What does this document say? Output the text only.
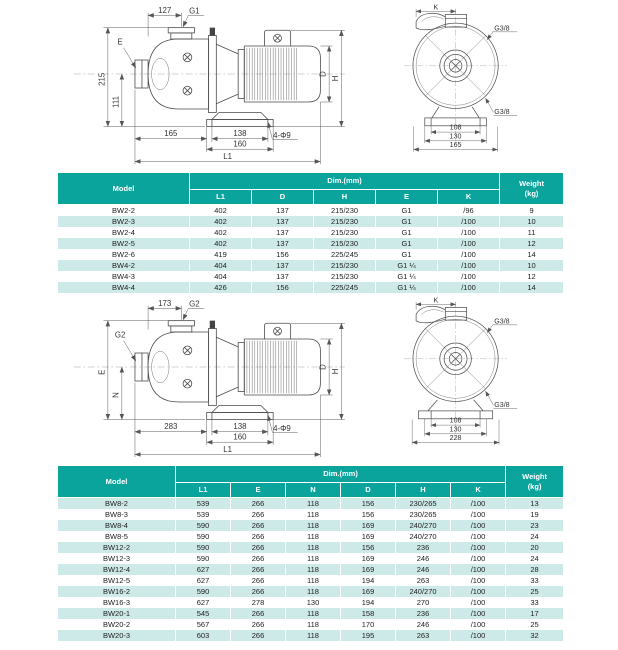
127 G1
E
215
111
165	138	4-Φ9
160
L1
D
H
K
G3/8
G3/8
108
130
165
Model	Dim.(mm)					Weight
(kg)

	L1	D	H	E	K	
BW2-2	402	137	215/230	G1	/96	9
BW2-3	402	137	215/230	G1	/100	10
BW2-4	402	137	215/230	G1	/100	11
BW2-5	402	137	215/230	G1	/100	12
BW2-6	419	156	225/245	G1	/100	14
BW4-2	404	137	215/230	G1 ¼	/100	10
BW4-3	404	137	215/230	G1 ¼	/100	12
BW4-4	426	156	225/245	G1 ¼	/100	14
173 G2
G2
E
N
283	138	4-Φ9
160
L1
D
H
K
G3/8
G3/8
108
130
228
Model	Dim.(mm)						Weight
(kg)

	L1	E	N	D	H	K	
BW8-2	539	266	118	156	230/265	/100	13
BW8-3	539	266	118	156	230/265	/100	19
BW8-4	590	266	118	169	240/270	/100	23
BW8-5	590	266	118	169	240/270	/100	24
BW12-2	590	266	118	156	236	/100	20
BW12-3	590	266	118	169	246	/100	24
BW12-4	627	266	118	169	246	/100	28
BW12-5	627	266	118	194	263	/100	33
BW16-2	590	266	118	169	240/270	/100	25
BW16-3	627	278	130	194	270	/100	33
BW20-1	545	266	118	158	236	/100	17
BW20-2	567	266	118	170	246	/100	25
BW20-3	603	266	118	195	263	/100	32
